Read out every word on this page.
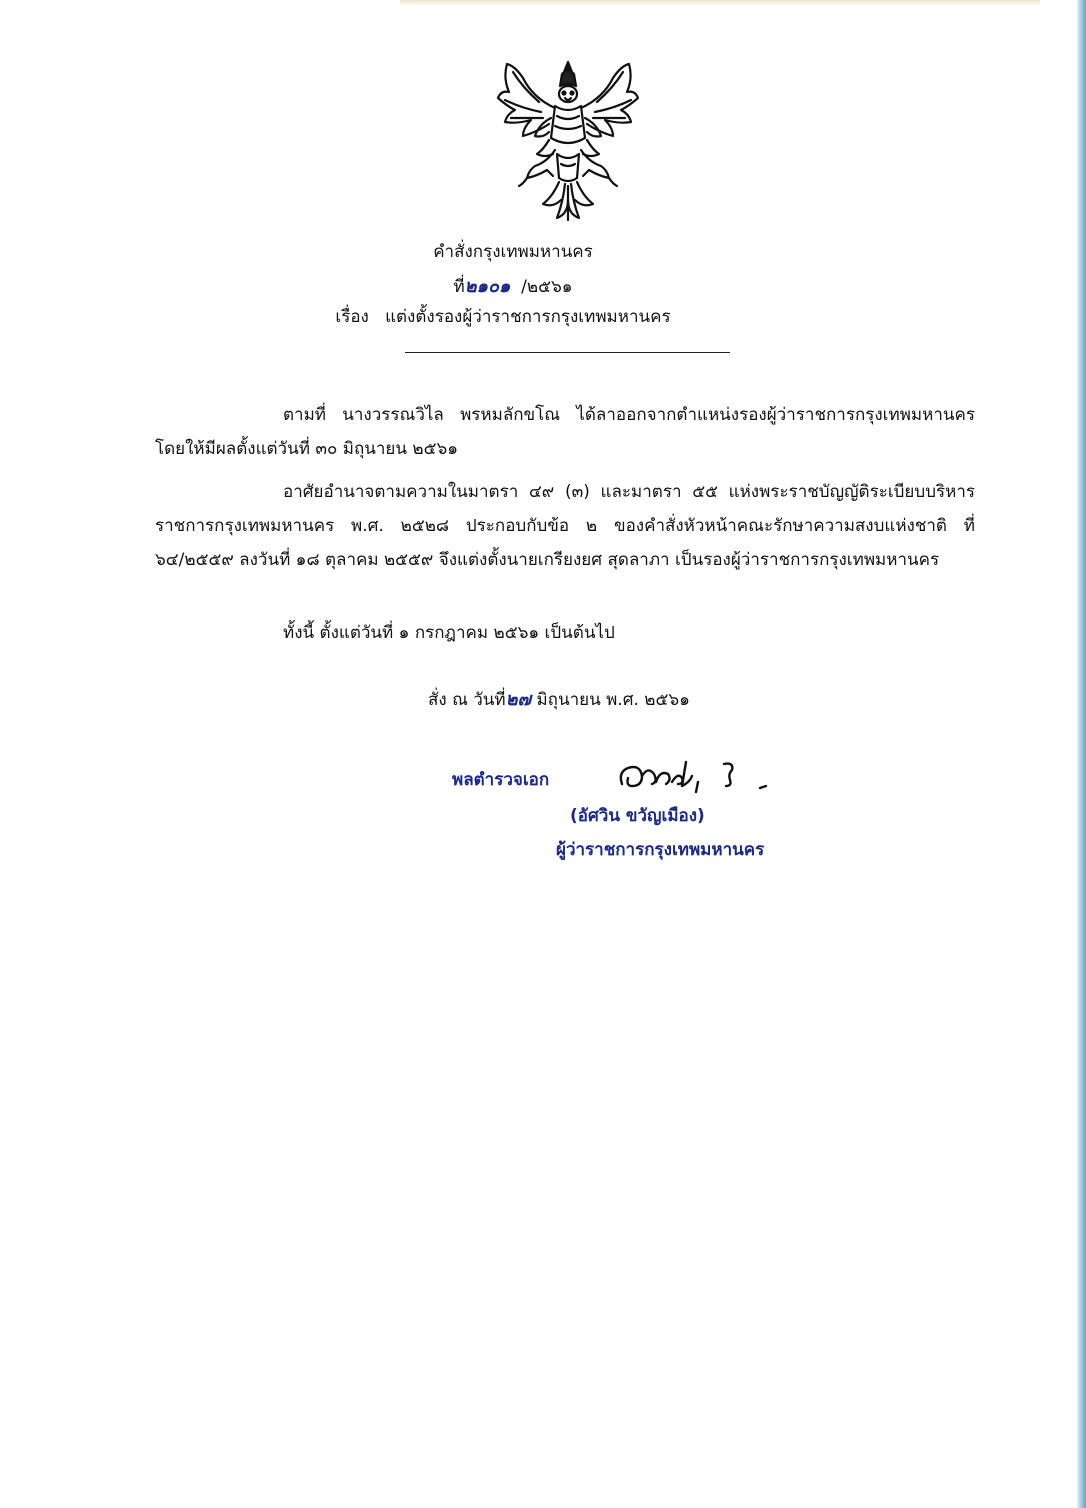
คำสั่งกรุงเทพมหานคร
ที่๒๑๐๑ /๒๕๖๑
เรื่อง แต่งตั้งรองผู้ว่าราชการกรุงเทพมหานคร
ตามที่ นางวรรณวิไล พรหมลักขโณ ได้ลาออกจากตำแหน่งรองผู้ว่าราชการกรุงเทพมหานคร โดยให้มีผลตั้งแต่วันที่ ๓๐ มิถุนายน ๒๕๖๑
อาศัยอำนาจตามความในมาตรา ๔๙ (๓) และมาตรา ๕๕ แห่งพระราชบัญญัติระเบียบบริหารราชการกรุงเทพมหานคร พ.ศ. ๒๕๒๘ ประกอบกับข้อ ๒ ของคำสั่งหัวหน้าคณะรักษาความสงบแห่งชาติ ที่ ๖๔/๒๕๕๙ ลงวันที่ ๑๘ ตุลาคม ๒๕๕๙ จึงแต่งตั้งนายเกรียงยศ สุดลาภา เป็นรองผู้ว่าราชการกรุงเทพมหานคร
ทั้งนี้ ตั้งแต่วันที่ ๑ กรกฎาคม ๒๕๖๑ เป็นต้นไป
สั่ง ณ วันที่๒๗ มิถุนายน พ.ศ. ๒๕๖๑
พลตำรวจเอก
(อัศวิน ขวัญเมือง)
ผู้ว่าราชการกรุงเทพมหานคร
